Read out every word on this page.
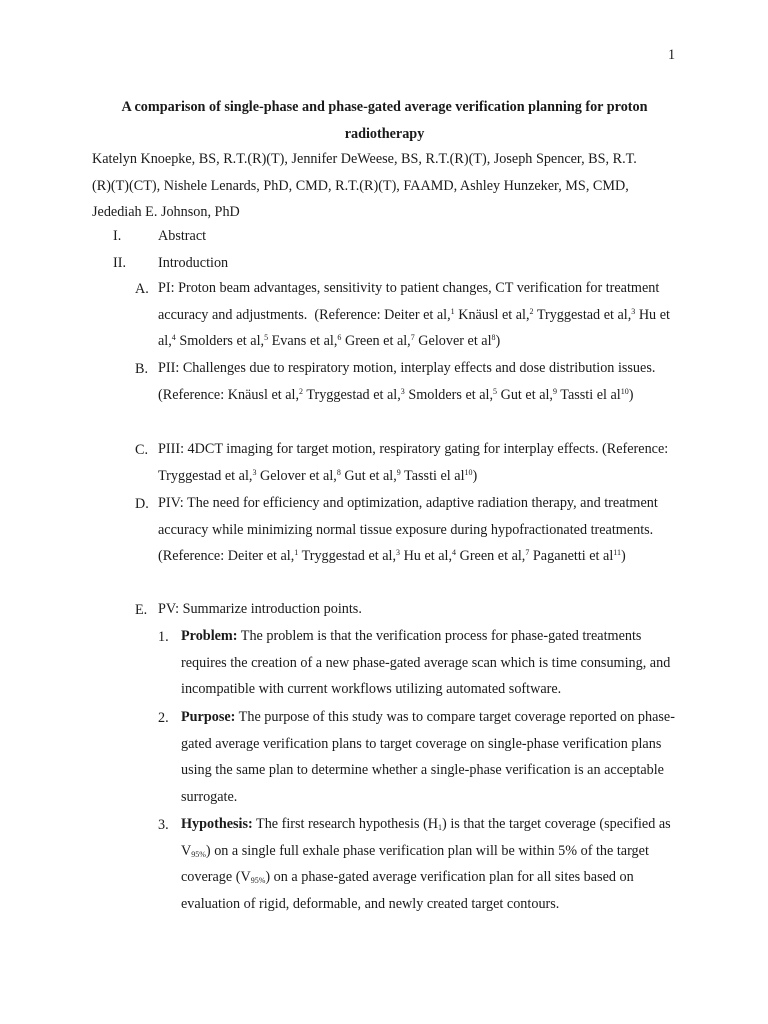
1
A comparison of single-phase and phase-gated average verification planning for proton
radiotherapy
Katelyn Knoepke, BS, R.T.(R)(T), Jennifer DeWeese, BS, R.T.(R)(T), Joseph Spencer, BS, R.T.
(R)(T)(CT), Nishele Lenards, PhD, CMD, R.T.(R)(T), FAAMD, Ashley Hunzeker, MS, CMD,
Jedediah E. Johnson, PhD
I.	Abstract
II. Introduction
A. PI: Proton beam advantages, sensitivity to patient changes, CT verification for treatment accuracy and adjustments.  (Reference: Deiter et al,$^1$ Knäusl et al,$^2$ Tryggestad et al,$^3$ Hu et al,$^4$ Smolders et al,$^5$ Evans et al,$^6$ Green et al,$^7$ Gelover et $al^8$)
B. PII: Challenges due to respiratory motion, interplay effects and dose distribution issues. (Reference: Knäusl et al,$^2$ Tryggestad et al,$^3$ Smolders et al,$^5$ Gut et al,$^9$ Tassti el $al^{10}$)
C. PIII: 4DCT imaging for target motion, respiratory gating for interplay effects. (Reference: Tryggestad et al,$^3$ Gelover et al,$^8$ Gut et al,$^9$ Tassti el $al^{10}$)
D. PIV: The need for efficiency and optimization, adaptive radiation therapy, and treatment accuracy while minimizing normal tissue exposure during hypofractionated treatments. (Reference: Deiter et al,$^1$ Tryggestad et al,$^3$ Hu et al,$^4$ Green et al,$^7$ Paganetti et $al^{11}$)
E. PV: Summarize introduction points.
1. Problem: The problem is that the verification process for phase-gated treatments requires the creation of a new phase-gated average scan which is time consuming, and incompatible with current workflows utilizing automated software.
2. Purpose: The purpose of this study was to compare target coverage reported on phase-gated average verification plans to target coverage on single-phase verification plans using the same plan to determine whether a single-phase verification is an acceptable surrogate.
3. Hypothesis: The first research hypothesis $(H_1)$ is that the target coverage (specified as $V_{95\%}$) on a single full exhale phase verification plan will be within 5% of the target coverage $(V_{95\%})$ on a phase-gated average verification plan for all sites based on evaluation of rigid, deformable, and newly created target contours.
